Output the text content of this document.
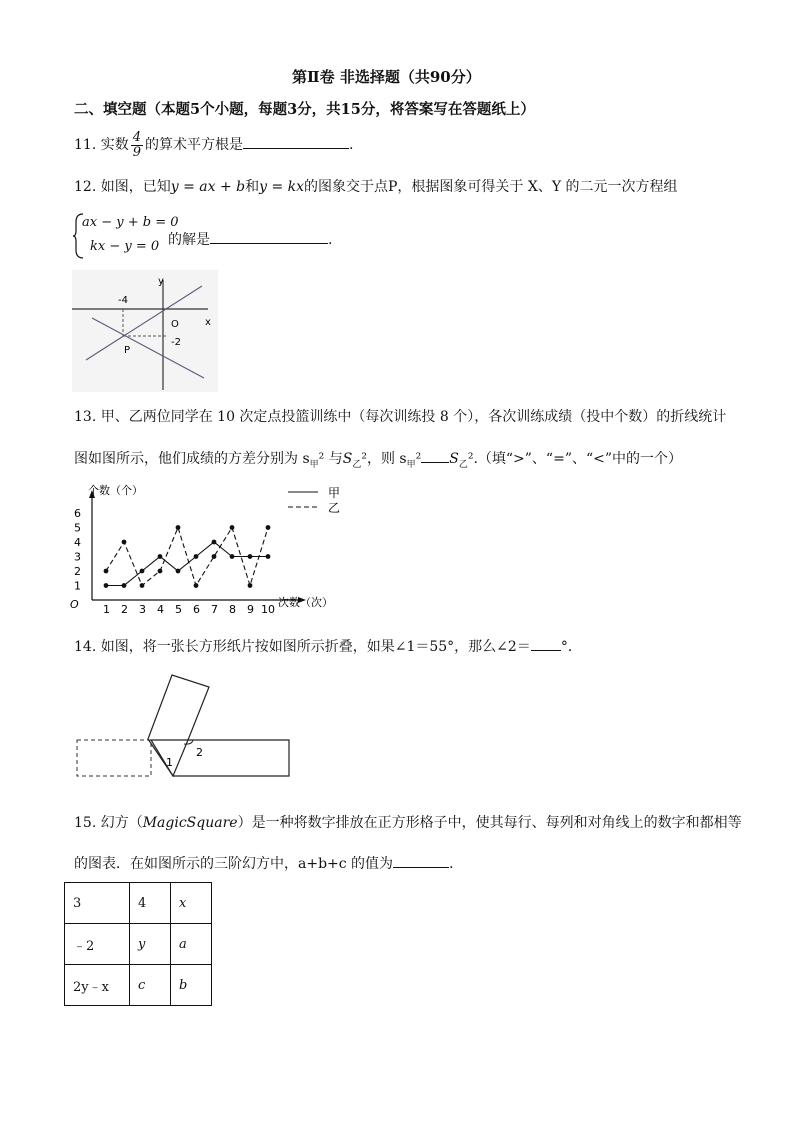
第Ⅱ卷 非选择题（共90分）
二、填空题（本题5个小题，每题3分，共15分，将答案写在答题纸上）
11. 实数 $\frac{4}{9}$ 的算术平方根是	.
12. 如图，已知y = ax + b和y = kx的图象交于点P，根据图象可得关于 X、Y 的二元一次方程组
ax − y + b = 0
kx − y = 0 的解是	.
y
x
O
-4
-2
P
13. 甲、乙两位同学在 10 次定点投篮训练中（每次训练投 8 个），各次训练成绩（投中个数）的折线统计
图如图所示，他们成绩的方差分别为 $s_甲^2$ 与$S_乙^2$，则 $s_甲^2$ $S_乙^2$.（填“>”、“=”、“<”中的一个）
个数（个）
次数（次）
O
1
2
3
4
5
6
1 2 3 4 5 6 7 8 9 10
甲
乙
14. 如图，将一张长方形纸片按如图所示折叠，如果∠1＝55°，那么∠2＝ °．
1
2
15. 幻方（MagicSquare）是一种将数字排放在正方形格子中，使其每行、每列和对角线上的数字和都相等
的图表．在如图所示的三阶幻方中，a+b+c 的值为	．
3	4	x
﹣2	y	a
2y﹣x	c	b
